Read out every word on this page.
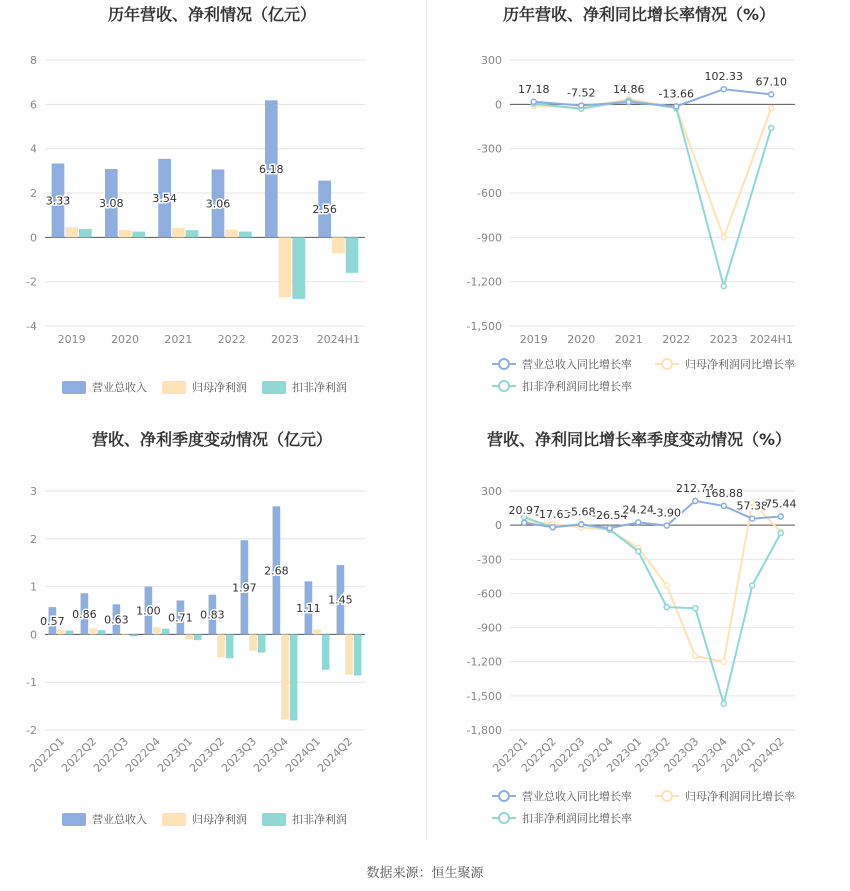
历年营收、净利情况（亿元）
-4
-2
0
2
4
6
8
3.33	3.08	3.54	3.06
6.18
2.56
2019 2020 2021 2022 2023 2024H1
营业总收入	归母净利润	扣非净利润
历年营收、净利同比增长率情况（%）
-1,500
-1,200
-900
-600
-300
0
300
17.18 -7.52 14.86 -13.66
102.33 67.10
2019 2020 2021 2022 2023 2024H1
营业总收入同比增长率	归母净利润同比增长率
扣非净利润同比增长率
营收、净利季度变动情况（亿元）
-2
-1
0
1
2
3
0.57
0.86 0.63
1.00
0.71 0.83
1.97
2.68
1.11
1.45
2022Q1
2022Q2
2022Q3
2022Q4
2023Q1
2023Q2
2023Q3
2023Q4
2024Q1
2024Q2
营业总收入	归母净利润	扣非净利润
营收、净利同比增长率季度变动情况（%）
-1,800
-1,500
-1,200
-900
-600
-300
0
300
20.97
-17.63
-5.68
-26.54
24.24
-3.90
212.74
168.88
57.38
75.44
2022Q1
2022Q2
2022Q3
2022Q4
2023Q1
2023Q2
2023Q3
2023Q4
2024Q1
2024Q2
营业总收入同比增长率	归母净利润同比增长率
扣非净利润同比增长率
数据来源：恒生聚源
